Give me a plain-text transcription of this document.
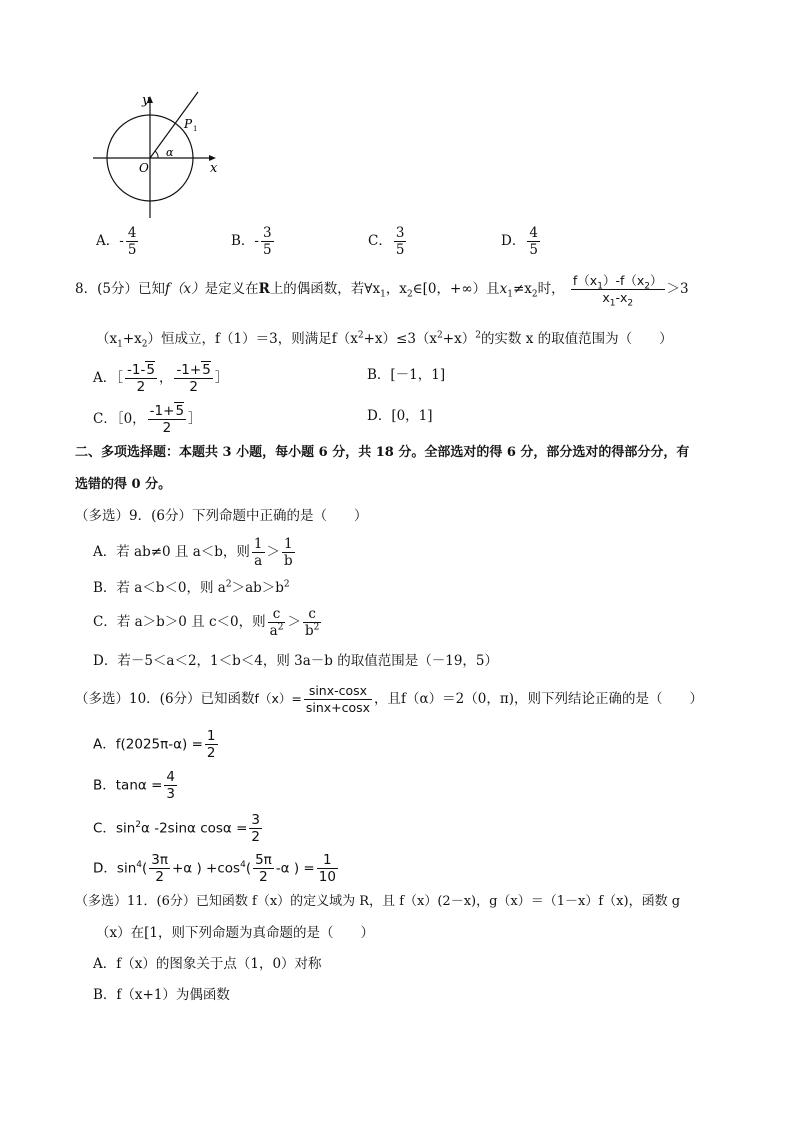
y
x
O
P 1
α
A．- $\frac{4}{5}$	B．- $\frac{3}{5}$	C． $\frac{3}{5}$	D． $\frac{4}{5}$
8．(5分）已知f（x）是定义在R上的偶函数，若$\forall x_1$，$x_2\in[0$，+∞）且$x_1\ne x_2$时， $\frac{f(x_1)-f(x_2)}{x_1-x_2} >3$
$(x_1+x_2)$恒成立，f（1）＝3，则满足$f(x^2+x)\le 3(x^2+x)^2$的实数 x 的取值范围为（　　）
A．［ $\frac{-1-5}{2}$ ， $\frac{-1+5}{2}$ ］	B．[－1，1]
C．［0， $\frac{-1+5}{2}$ ］	D．[0，1]
二、多项选择题：本题共 3 小题，每小题 6 分，共 18 分。全部选对的得 6 分，部分选对的得部分分，有
选错的得 0 分。
（多选）9．(6分）下列命题中正确的是（　　）
A．若 ab≠0 且 a＜b，则 $\frac{1}{a} > \frac{1}{b}$
B．若 a＜b＜0，则 $a^2>ab>b^2$
C．若 a＞b＞0 且 c＜0，则 $\frac{c}{a^2} > \frac{c}{b^2}$
D．若－5＜a＜2，1＜b＜4，则 3a－b 的取值范围是（－19，5）
（多选）10．(6分）已知函数$f(x)= \frac{\sin x-\cos x}{\sin x+\cos x}$ ，且f（α）＝2（0，π)，则下列结论正确的是（　　）
A．$f(2025\pi-\alpha) = \frac{1}{2}$
B．$\tan\alpha = \frac{4}{3}$
C．$\sin^2\alpha$ -2sinα $\cos\alpha = \frac{3}{2}$
D．$\sin^4( \frac{3\pi}{2} +\alpha$ ) $+\cos^4( \frac{5\pi}{2} -\alpha$ ) = $\frac{1}{10}$
（多选）11．(6分）已知函数 f（x）的定义域为 R，且 f（x）(2－x)，g（x）＝（1－x）f（x)，函数 g
（x）在[1，则下列命题为真命题的是（　　）
A．f（x）的图象关于点（1，0）对称
B．f（x+1）为偶函数
